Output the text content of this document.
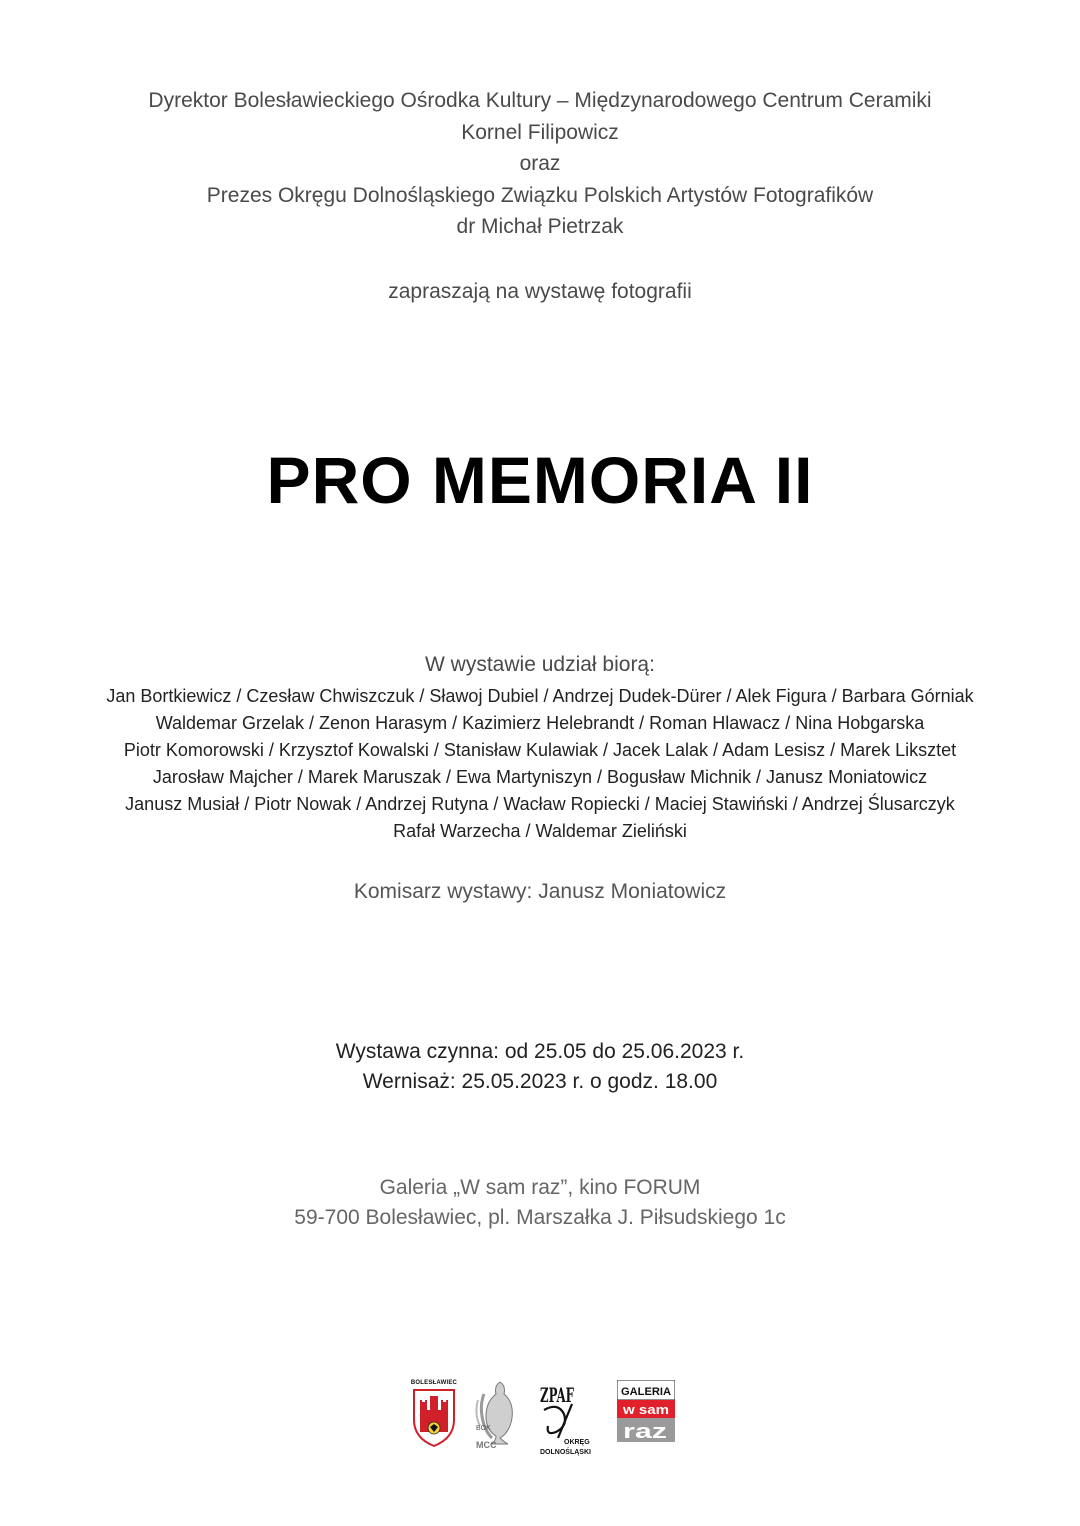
Dyrektor Bolesławieckiego Ośrodka Kultury – Międzynarodowego Centrum Ceramiki
Kornel Filipowicz
oraz
Prezes Okręgu Dolnośląskiego Związku Polskich Artystów Fotografików
dr Michał Pietrzak
zapraszają na wystawę fotografii
PRO MEMORIA II
W wystawie udział biorą:
Jan Bortkiewicz / Czesław Chwiszczuk / Sławoj Dubiel / Andrzej Dudek-Dürer / Alek Figura / Barbara Górniak
Waldemar Grzelak / Zenon Harasym / Kazimierz Helebrandt / Roman Hlawacz / Nina Hobgarska
Piotr Komorowski / Krzysztof Kowalski / Stanisław Kulawiak / Jacek Lalak / Adam Lesisz / Marek Liksztet
Jarosław Majcher / Marek Maruszak / Ewa Martyniszyn / Bogusław Michnik / Janusz Moniatowicz
Janusz Musiał / Piotr Nowak / Andrzej Rutyna / Wacław Ropiecki / Maciej Stawiński / Andrzej Ślusarczyk
Rafał Warzecha / Waldemar Zieliński
Komisarz wystawy: Janusz Moniatowicz
Wystawa czynna: od 25.05 do 25.06.2023 r.
Wernisaż: 25.05.2023 r. o godz. 18.00
Galeria „W sam raz”, kino FORUM
59-700 Bolesławiec, pl. Marszałka J. Piłsudskiego 1c
BOLESŁAWIEC
BOK
MCC
ZPAF
OKRĘG
DOLNOŚLĄSKI
GALERIA
w sam
raz
